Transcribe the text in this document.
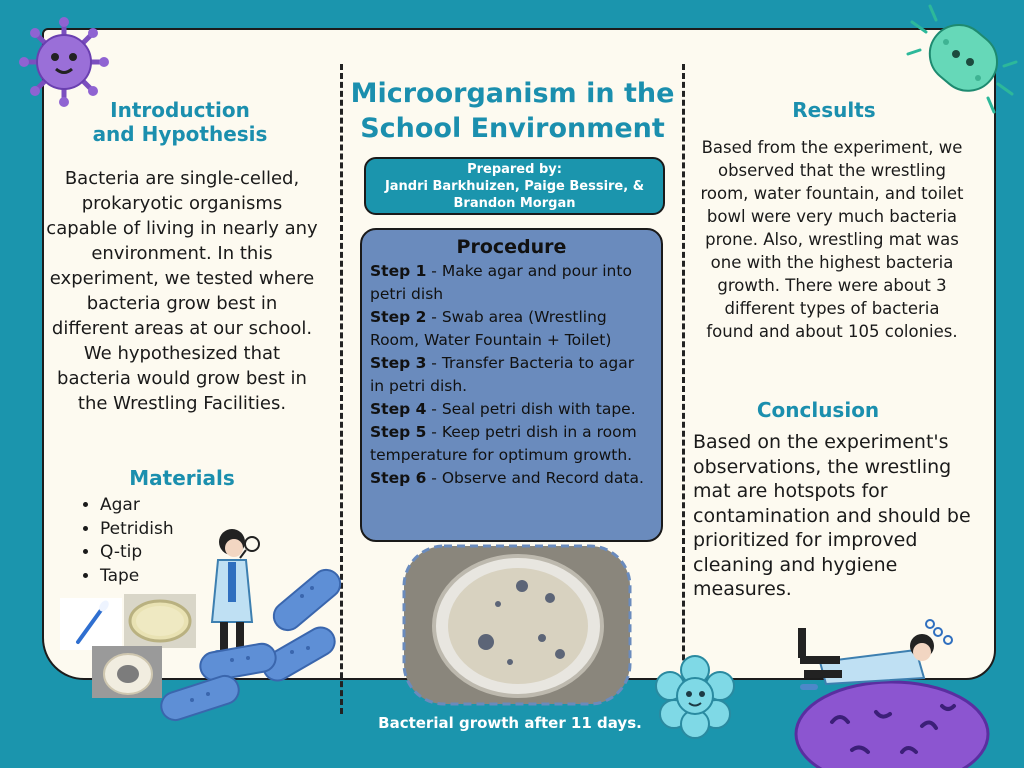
Introduction
and Hypothesis
Bacteria are single-celled, prokaryotic organisms capable of living in nearly any environment. In this experiment, we tested where bacteria grow best in different areas at our school. We hypothesized that bacteria would grow best in the Wrestling Facilities.
Materials
• Agar
• Petridish
• Q-tip
• Tape
Microorganism in the School Environment
Prepared by:
Jandri Barkhuizen, Paige Bessire, &
Brandon Morgan
Procedure
Step 1 - Make agar and pour into petri dish
Step 2 - Swab area (Wrestling Room, Water Fountain + Toilet)
Step 3 - Transfer Bacteria to agar in petri dish.
Step 4 - Seal petri dish with tape.
Step 5 - Keep petri dish in a room temperature for optimum growth.
Step 6 - Observe and Record data.
Bacterial growth after 11 days.
Results
Based from the experiment, we observed that the wrestling room, water fountain, and toilet bowl were very much bacteria prone. Also, wrestling mat was one with the highest bacteria growth. There were about 3 different types of bacteria found and about 105 colonies.
Conclusion
Based on the experiment's observations, the wrestling mat are hotspots for contamination and should be prioritized for improved cleaning and hygiene measures.
